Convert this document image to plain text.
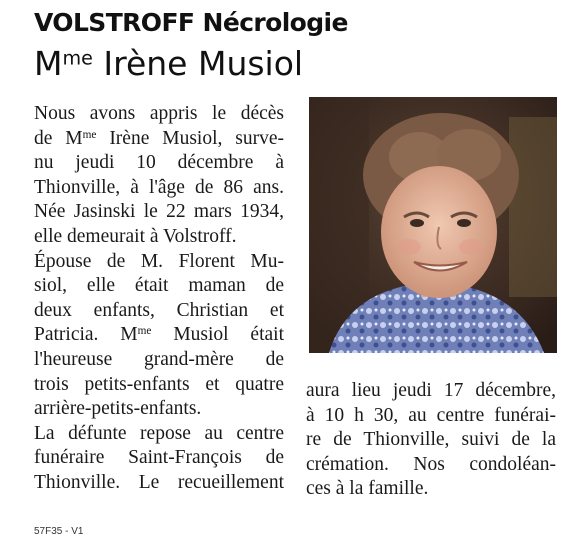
VOLSTROFF Nécrologie
$M^{me}$ Irène Musiol
Nous avons appris le décès
de $M^{me}$ Irène Musiol, surve-
nu jeudi 10 décembre à
Thionville, à l'âge de 86 ans.
Née Jasinski le 22 mars 1934,
elle demeurait à Volstroff.
Épouse de M. Florent Mu-
siol, elle était maman de
deux enfants, Christian et
Patricia. $M^{me}$ Musiol était
l'heureuse grand-mère de
trois petits-enfants et quatre
arrière-petits-enfants.
La défunte repose au centre
funéraire Saint-François de
Thionville. Le recueillement
aura lieu jeudi 17 décembre,
à 10 h 30, au centre funérai-
re de Thionville, suivi de la
crémation. Nos condoléan-
ces à la famille.
57F35 - V1
